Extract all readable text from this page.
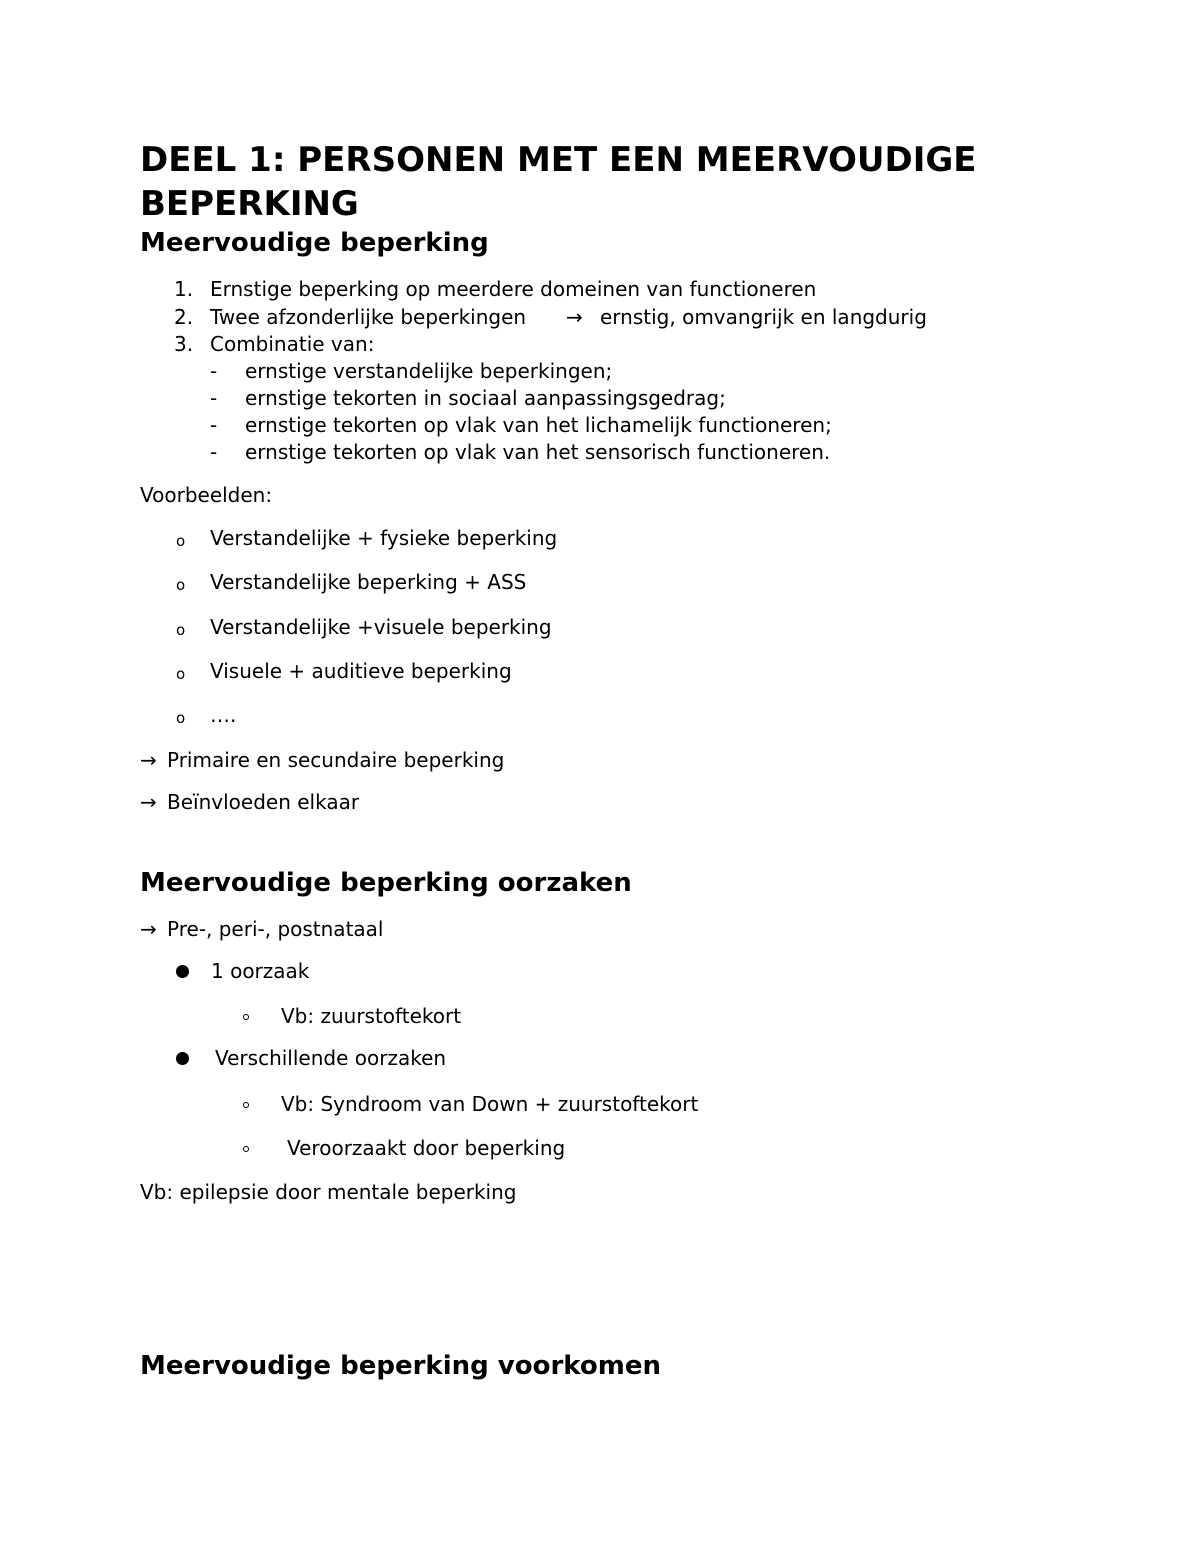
DEEL 1: PERSONEN MET EEN MEERVOUDIGE
BEPERKING
Meervoudige beperking
1. Ernstige beperking op meerdere domeinen van functioneren
2. Twee afzonderlijke beperkingen → ernstig, omvangrijk en langdurig
3. Combinatie van:
- ernstige verstandelijke beperkingen;
- ernstige tekorten in sociaal aanpassingsgedrag;
- ernstige tekorten op vlak van het lichamelijk functioneren;
- ernstige tekorten op vlak van het sensorisch functioneren.
Voorbeelden:
o Verstandelijke + fysieke beperking
o Verstandelijke beperking + ASS
o Verstandelijke +visuele beperking
o Visuele + auditieve beperking
o ….
→ Primaire en secundaire beperking
→ Beïnvloeden elkaar
Meervoudige beperking oorzaken
→ Pre-, peri-, postnataal
1 oorzaak
Vb: zuurstoftekort
Verschillende oorzaken
Vb: Syndroom van Down + zuurstoftekort
Veroorzaakt door beperking
Vb: epilepsie door mentale beperking
Meervoudige beperking voorkomen
